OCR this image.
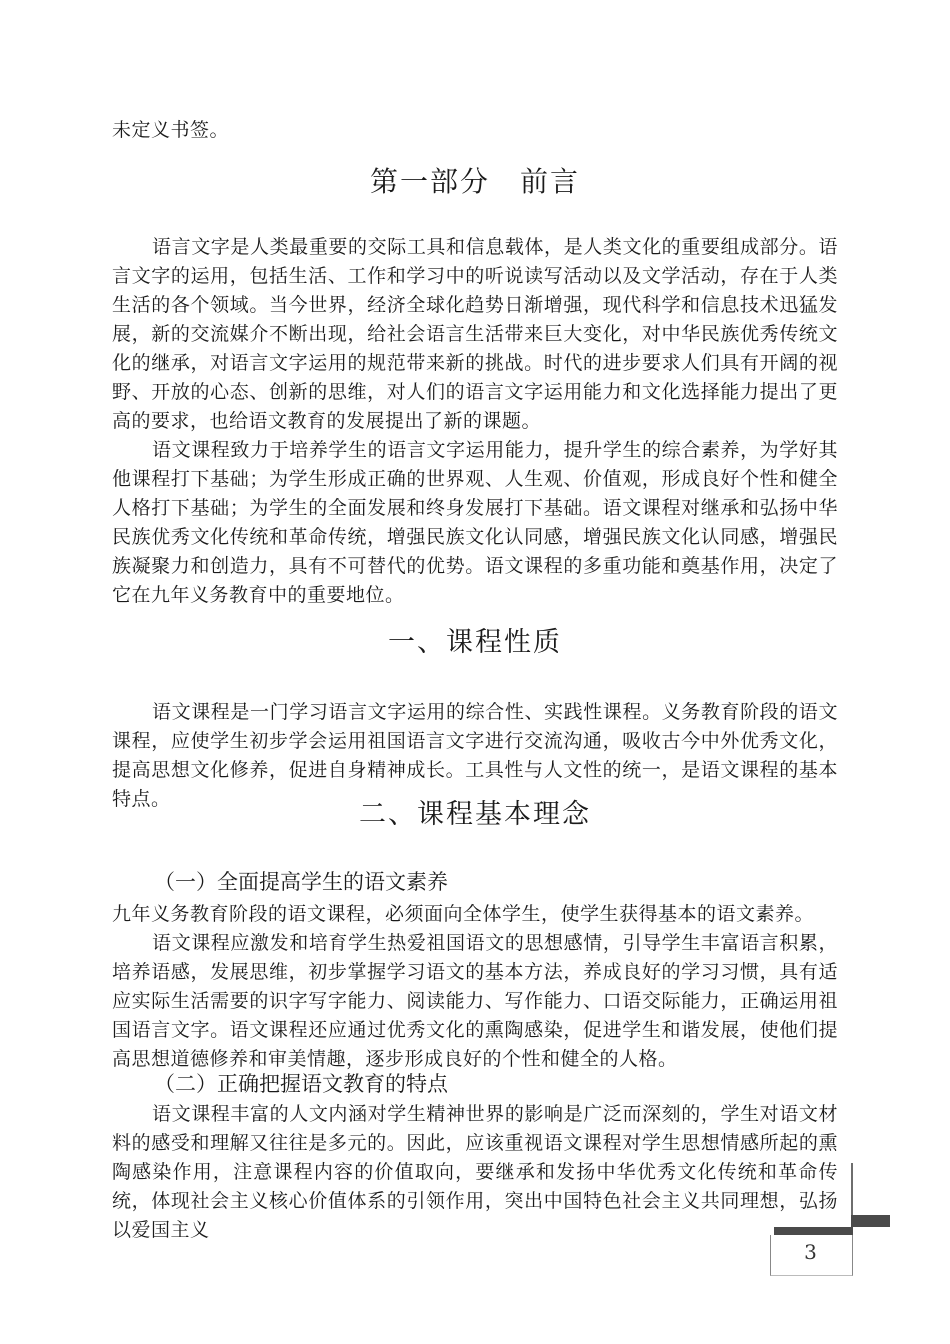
未定义书签。

第一部分　前言

语言文字是人类最重要的交际工具和信息载体，是人类文化的重要组成部分。语言文字的运用，包括生活、工作和学习中的听说读写活动以及文学活动，存在于人类生活的各个领域。当今世界，经济全球化趋势日渐增强，现代科学和信息技术迅猛发展，新的交流媒介不断出现，给社会语言生活带来巨大变化，对中华民族优秀传统文化的继承，对语言文字运用的规范带来新的挑战。时代的进步要求人们具有开阔的视野、开放的心态、创新的思维，对人们的语言文字运用能力和文化选择能力提出了更高的要求，也给语文教育的发展提出了新的课题。

语文课程致力于培养学生的语言文字运用能力，提升学生的综合素养，为学好其他课程打下基础；为学生形成正确的世界观、人生观、价值观，形成良好个性和健全人格打下基础；为学生的全面发展和终身发展打下基础。语文课程对继承和弘扬中华民族优秀文化传统和革命传统，增强民族文化认同感，增强民族文化认同感，增强民族凝聚力和创造力，具有不可替代的优势。语文课程的多重功能和奠基作用，决定了它在九年义务教育中的重要地位。

一、课程性质

语文课程是一门学习语言文字运用的综合性、实践性课程。义务教育阶段的语文课程，应使学生初步学会运用祖国语言文字进行交流沟通，吸收古今中外优秀文化，提高思想文化修养，促进自身精神成长。工具性与人文性的统一，是语文课程的基本特点。	二、课程基本理念
（一）全面提高学生的语文素养

九年义务教育阶段的语文课程，必须面向全体学生，使学生获得基本的语文素养。

语文课程应激发和培育学生热爱祖国语文的思想感情，引导学生丰富语言积累，培养语感，发展思维，初步掌握学习语文的基本方法，养成良好的学习习惯，具有适应实际生活需要的识字写字能力、阅读能力、写作能力、口语交际能力，正确运用祖国语言文字。语文课程还应通过优秀文化的熏陶感染，促进学生和谐发展，使他们提高思想道德修养和审美情趣，逐步形成良好的个性和健全的人格。

（二）正确把握语文教育的特点

语文课程丰富的人文内涵对学生精神世界的影响是广泛而深刻的，学生对语文材料的感受和理解又往往是多元的。因此，应该重视语文课程对学生思想情感所起的熏陶感染作用，注意课程内容的价值取向，要继承和发扬中华优秀文化传统和革命传统，体现社会主义核心价值体系的引领作用，突出中国特色社会主义共同理想，弘扬以爱国主义

3
